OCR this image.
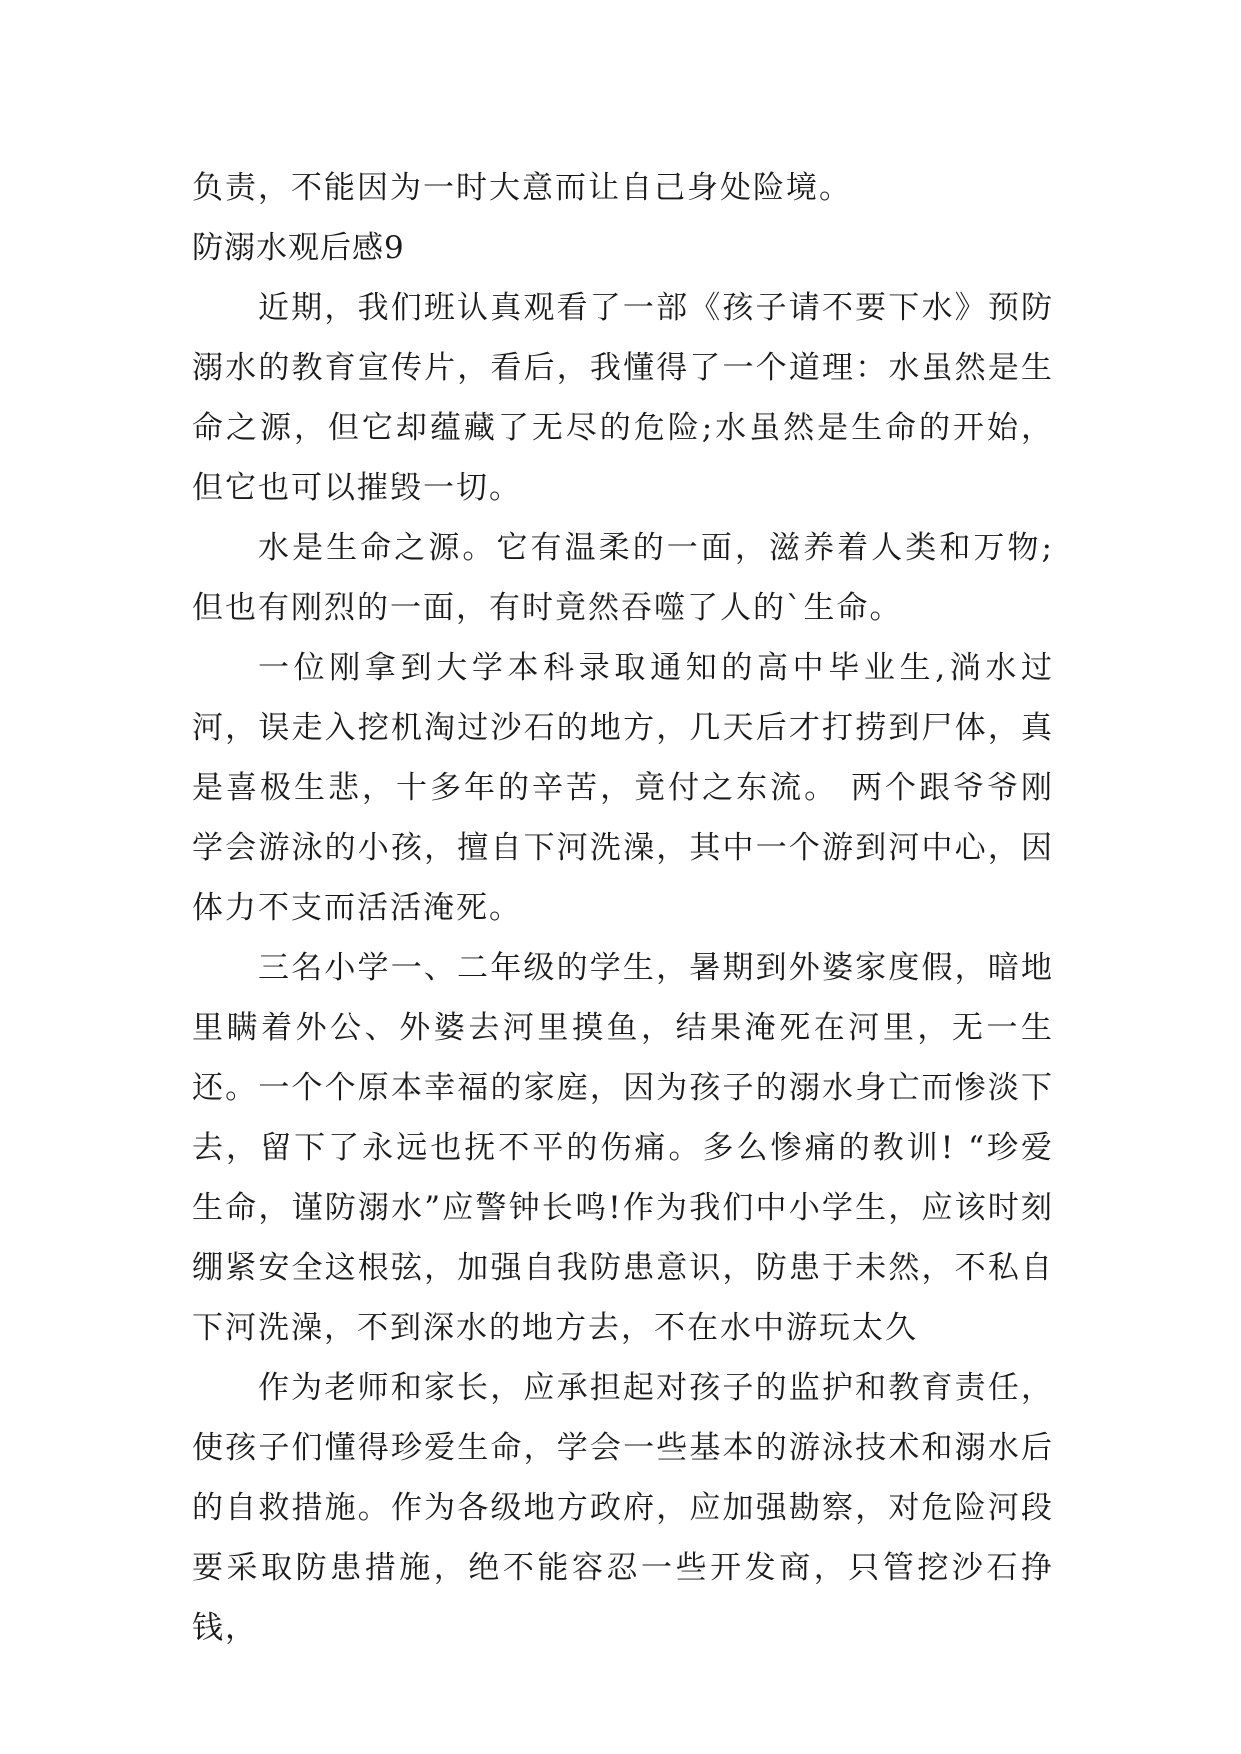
负责，不能因为一时大意而让自己身处险境。

防溺水观后感9

近期，我们班认真观看了一部《孩子请不要下水》预防溺水的教育宣传片，看后，我懂得了一个道理：水虽然是生命之源，但它却蕴藏了无尽的危险;水虽然是生命的开始，但它也可以摧毁一切。

水是生命之源。它有温柔的一面，滋养着人类和万物;但也有刚烈的一面，有时竟然吞噬了人的`生命。

一位刚拿到大学本科录取通知的高中毕业生,淌水过河，误走入挖机淘过沙石的地方，几天后才打捞到尸体，真是喜极生悲，十多年的辛苦，竟付之东流。 两个跟爷爷刚学会游泳的小孩，擅自下河洗澡，其中一个游到河中心，因体力不支而活活淹死。

三名小学一、二年级的学生，暑期到外婆家度假，暗地里瞒着外公、外婆去河里摸鱼，结果淹死在河里，无一生还。一个个原本幸福的家庭，因为孩子的溺水身亡而惨淡下去，留下了永远也抚不平的伤痛。多么惨痛的教训! “珍爱生命，谨防溺水”应警钟长鸣!作为我们中小学生，应该时刻绷紧安全这根弦，加强自我防患意识，防患于未然，不私自下河洗澡，不到深水的地方去，不在水中游玩太久

作为老师和家长，应承担起对孩子的监护和教育责任，使孩子们懂得珍爱生命，学会一些基本的游泳技术和溺水后的自救措施。作为各级地方政府，应加强勘察，对危险河段要采取防患措施，绝不能容忍一些开发商，只管挖沙石挣钱，
